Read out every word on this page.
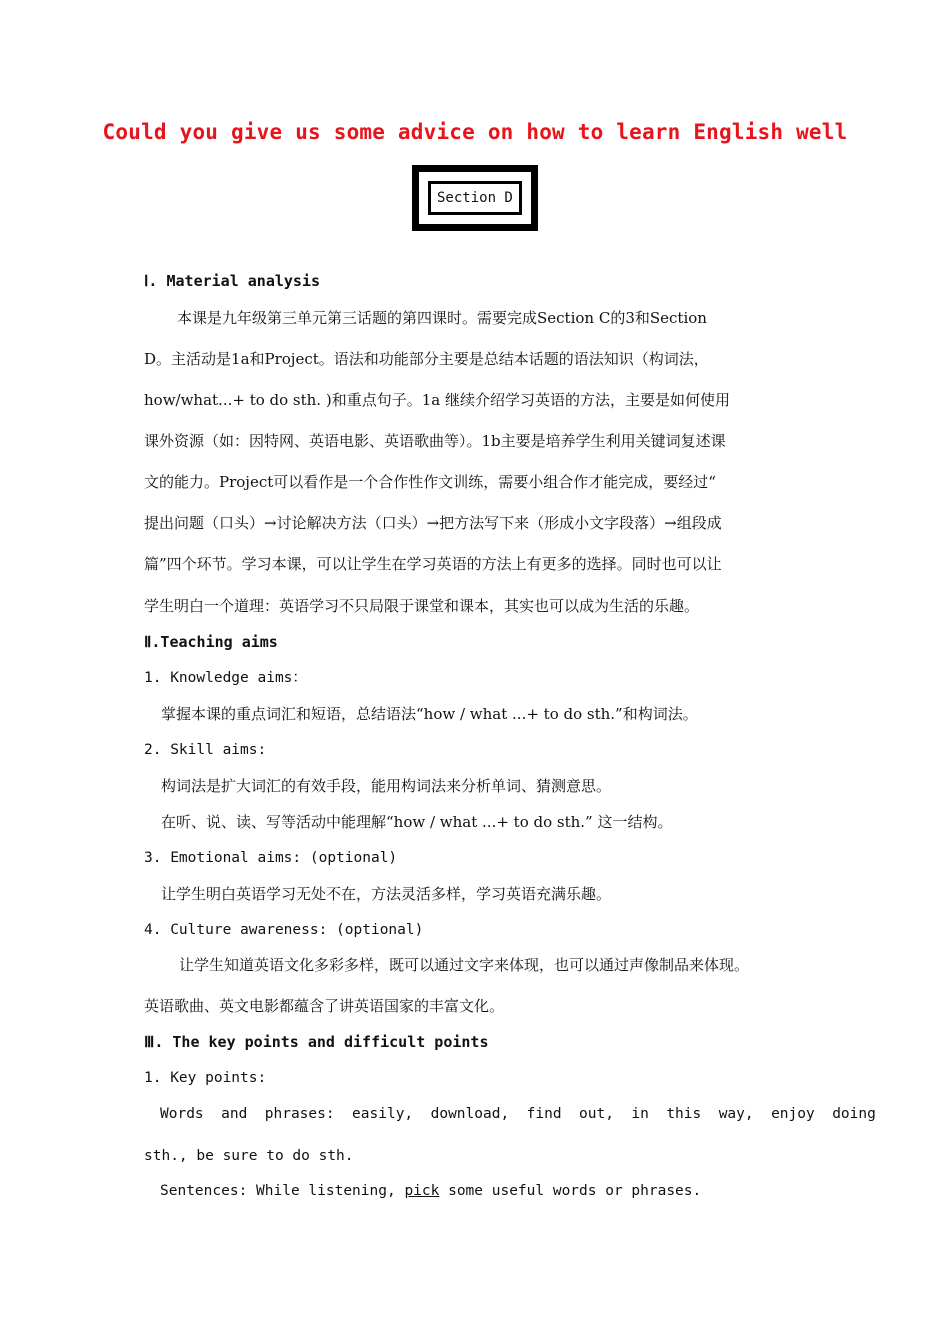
Could you give us some advice on how to learn English well
Section D
Ⅰ. Material analysis
本课是九年级第三单元第三话题的第四课时。需要完成Section C的3和Section
D。主活动是1a和Project。语法和功能部分主要是总结本话题的语法知识（构词法，
how/what...+ to do sth. )和重点句子。1a 继续介绍学习英语的方法，主要是如何使用
课外资源（如：因特网、英语电影、英语歌曲等）。1b主要是培养学生利用关键词复述课
文的能力。Project可以看作是一个合作性作文训练，需要小组合作才能完成，要经过“
提出问题（口头）→讨论解决方法（口头）→把方法写下来（形成小文字段落）→组段成
篇”四个环节。学习本课，可以让学生在学习英语的方法上有更多的选择。同时也可以让
学生明白一个道理：英语学习不只局限于课堂和课本，其实也可以成为生活的乐趣。
Ⅱ.Teaching aims
1. Knowledge aims：
掌握本课的重点词汇和短语，总结语法“how / what ...+ to do sth.”和构词法。
2. Skill aims:
构词法是扩大词汇的有效手段，能用构词法来分析单词、猜测意思。
在听、说、读、写等活动中能理解“how / what ...+ to do sth.” 这一结构。
3. Emotional aims: (optional)
让学生明白英语学习无处不在，方法灵活多样，学习英语充满乐趣。
4. Culture awareness: (optional)
让学生知道英语文化多彩多样，既可以通过文字来体现，也可以通过声像制品来体现。
英语歌曲、英文电影都蕴含了讲英语国家的丰富文化。
Ⅲ. The key points and difficult points
1. Key points:
Words  and  phrases:  easily,  download,  find  out,  in  this  way,  enjoy  doing
sth., be sure to do sth.
Sentences: While listening, pick some useful words or phrases.
